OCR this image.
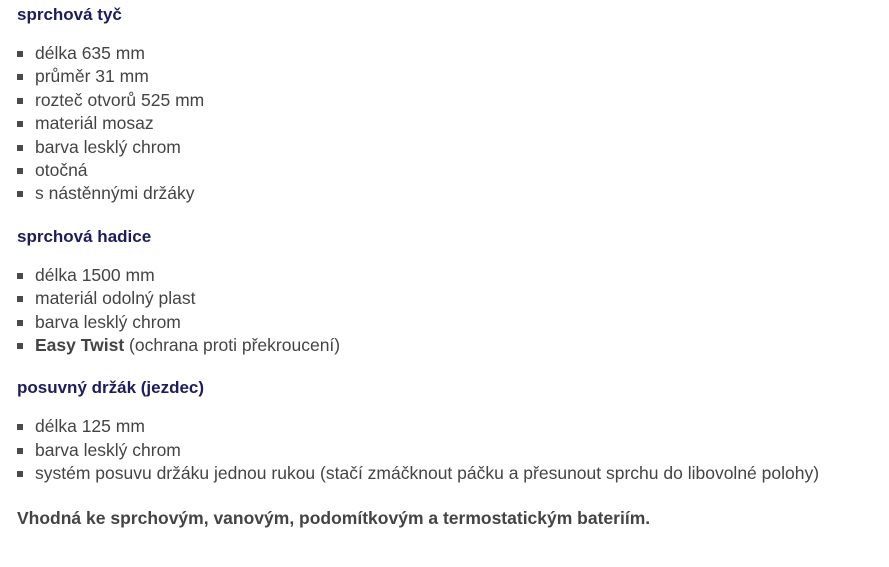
sprchová tyč
délka 635 mm
průměr 31 mm
rozteč otvorů 525 mm
materiál mosaz
barva lesklý chrom
otočná
s nástěnnými držáky
sprchová hadice
délka 1500 mm
materiál odolný plast
barva lesklý chrom
Easy Twist (ochrana proti překroucení)
posuvný držák (jezdec)
délka 125 mm
barva lesklý chrom
systém posuvu držáku jednou rukou (stačí zmáčknout páčku a přesunout sprchu do libovolné polohy)

Vhodná ke sprchovým, vanovým, podomítkovým a termostatickým bateriím.
